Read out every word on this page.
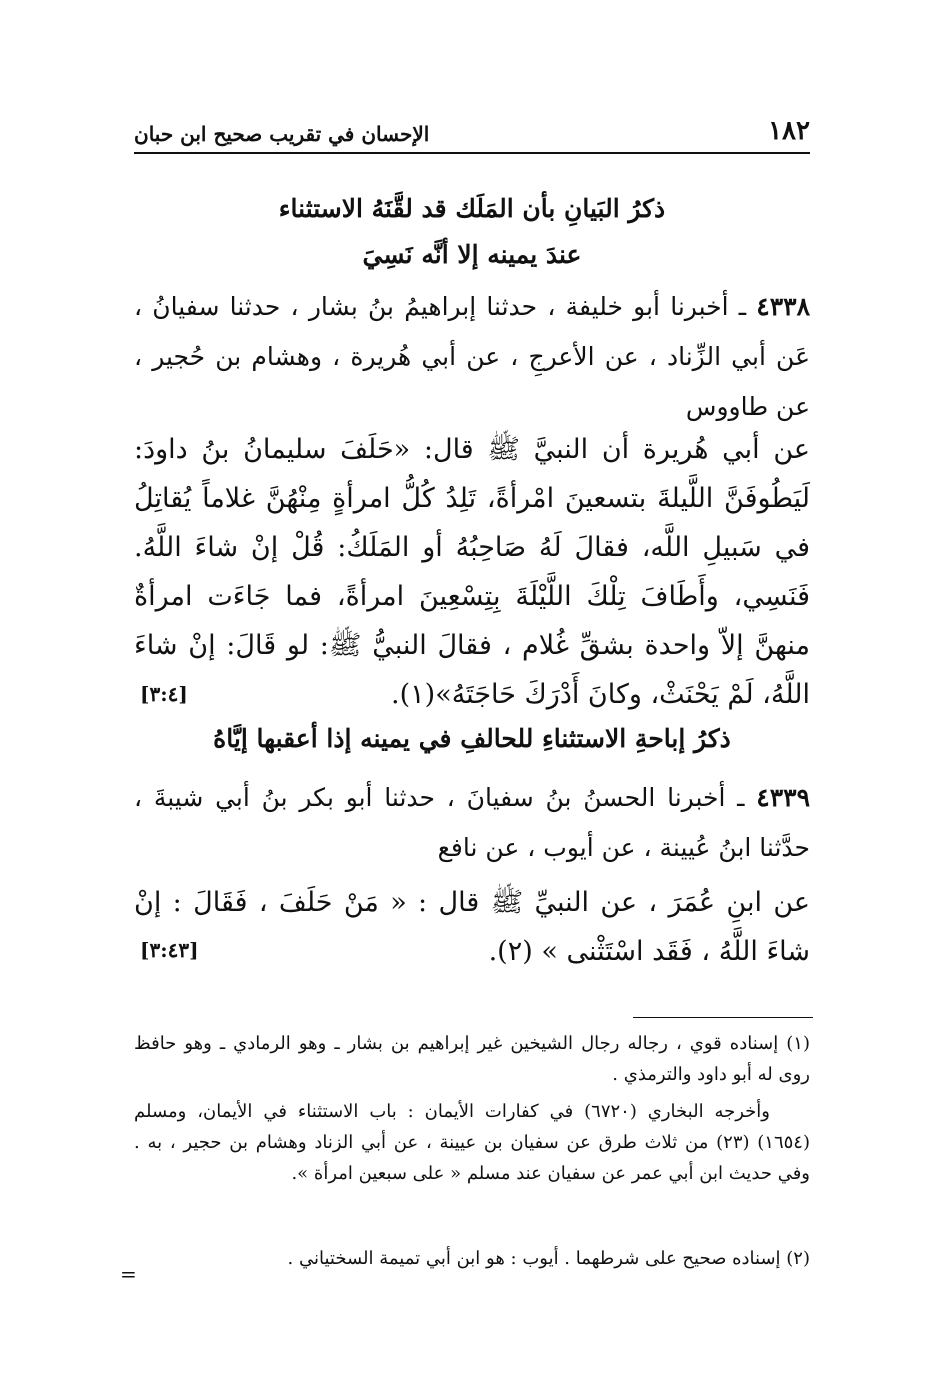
١٨٢
الإحسان في تقريب صحيح ابن حبان
ذكرُ البَيانِ بأن المَلَك قد لقَّنَهُ الاستثناء
عندَ يمينه إلا أنَّه نَسِيَ
٤٣٣٨ ـ أخبرنا أبو خليفة ، حدثنا إبراهيمُ بنُ بشار ، حدثنا سفيانُ ، عَن أبي الزِّناد ، عن الأعرجِ ، عن أبي هُريرة ، وهشام بن حُجير ، عن طاووس
عن أبي هُريرة أن النبيَّ ﷺ قال: «حَلَفَ سليمانُ بنُ داودَ: لَيَطُوفَنَّ اللَّيلةَ بتسعينَ امْرأةً، تَلِدُ كُلُّ امرأةٍ مِنْهُنَّ غلاماً يُقاتِلُ في سَبيلِ اللَّه، فقالَ لَهُ صَاحِبُهُ أو المَلَكُ: قُلْ إنْ شاءَ اللَّهُ. فَنَسِي، وأَطَافَ تِلْكَ اللَّيْلَةَ بِتِسْعِينَ امرأةً، فما جَاءَت امرأةٌ منهنَّ إلاّ واحدة بشقِّ غُلام ، فقالَ النبيُّ ﷺ: لو قَالَ: إنْ شاءَ اللَّهُ، لَمْ يَحْنَثْ، وكانَ أَدْرَكَ حَاجَتَهُ»(١).
[٣:٤]
ذكرُ إباحةِ الاستثناءِ للحالفِ في يمينه إذا أعقبها إيَّاهُ
٤٣٣٩ ـ أخبرنا الحسنُ بنُ سفيانَ ، حدثنا أبو بكر بنُ أبي شيبةَ ، حدَّثنا ابنُ عُيينة ، عن أيوب ، عن نافع
عن ابنِ عُمَرَ ، عن النبيِّ ﷺ قال : « مَنْ حَلَفَ ، فَقَالَ : إنْ شاءَ اللَّهُ ، فَقَد اسْتَثْنى » (٢).
[٣:٤٣]
(١) إسناده قوي ، رجاله رجال الشيخين غير إبراهيم بن بشار ـ وهو الرمادي ـ وهو حافظ روى له أبو داود والترمذي .
وأخرجه البخاري (٦٧٢٠) في كفارات الأيمان : باب الاستثناء في الأيمان، ومسلم (١٦٥٤) (٢٣) من ثلاث طرق عن سفيان بن عيينة ، عن أبي الزناد وهشام بن حجير ، به . وفي حديث ابن أبي عمر عن سفيان عند مسلم « على سبعين امرأة ».
(٢) إسناده صحيح على شرطهما . أيوب : هو ابن أبي تميمة السختياني .
=
